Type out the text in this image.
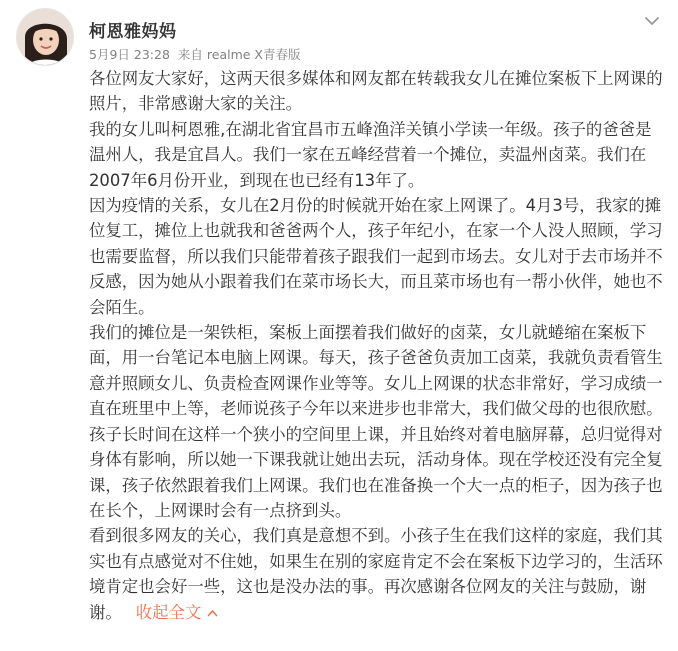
柯恩雅妈妈
5月9日 23:28 来自 realme X青春版

各位网友大家好，这两天很多媒体和网友都在转载我女儿在摊位案板下上网课的照片，非常感谢大家的关注。

我的女儿叫柯恩雅,在湖北省宜昌市五峰渔洋关镇小学读一年级。孩子的爸爸是温州人，我是宜昌人。我们一家在五峰经营着一个摊位，卖温州卤菜。我们在2007年6月份开业，到现在也已经有13年了。

因为疫情的关系，女儿在2月份的时候就开始在家上网课了。4月3号，我家的摊位复工，摊位上也就我和爸爸两个人，孩子年纪小，在家一个人没人照顾，学习也需要监督，所以我们只能带着孩子跟我们一起到市场去。女儿对于去市场并不反感，因为她从小跟着我们在菜市场长大，而且菜市场也有一帮小伙伴，她也不会陌生。

我们的摊位是一架铁柜，案板上面摆着我们做好的卤菜，女儿就蜷缩在案板下面，用一台笔记本电脑上网课。每天，孩子爸爸负责加工卤菜，我就负责看管生意并照顾女儿、负责检查网课作业等等。女儿上网课的状态非常好，学习成绩一直在班里中上等，老师说孩子今年以来进步也非常大，我们做父母的也很欣慰。

孩子长时间在这样一个狭小的空间里上课，并且始终对着电脑屏幕，总归觉得对身体有影响，所以她一下课我就让她出去玩，活动身体。现在学校还没有完全复课，孩子依然跟着我们上网课。我们也在准备换一个大一点的柜子，因为孩子也在长个，上网课时会有一点挤到头。

看到很多网友的关心，我们真是意想不到。小孩子生在我们这样的家庭，我们其实也有点感觉对不住她，如果生在别的家庭肯定不会在案板下边学习的，生活环境肯定也会好一些，这也是没办法的事。再次感谢各位网友的关注与鼓励，谢谢。 收起全文
